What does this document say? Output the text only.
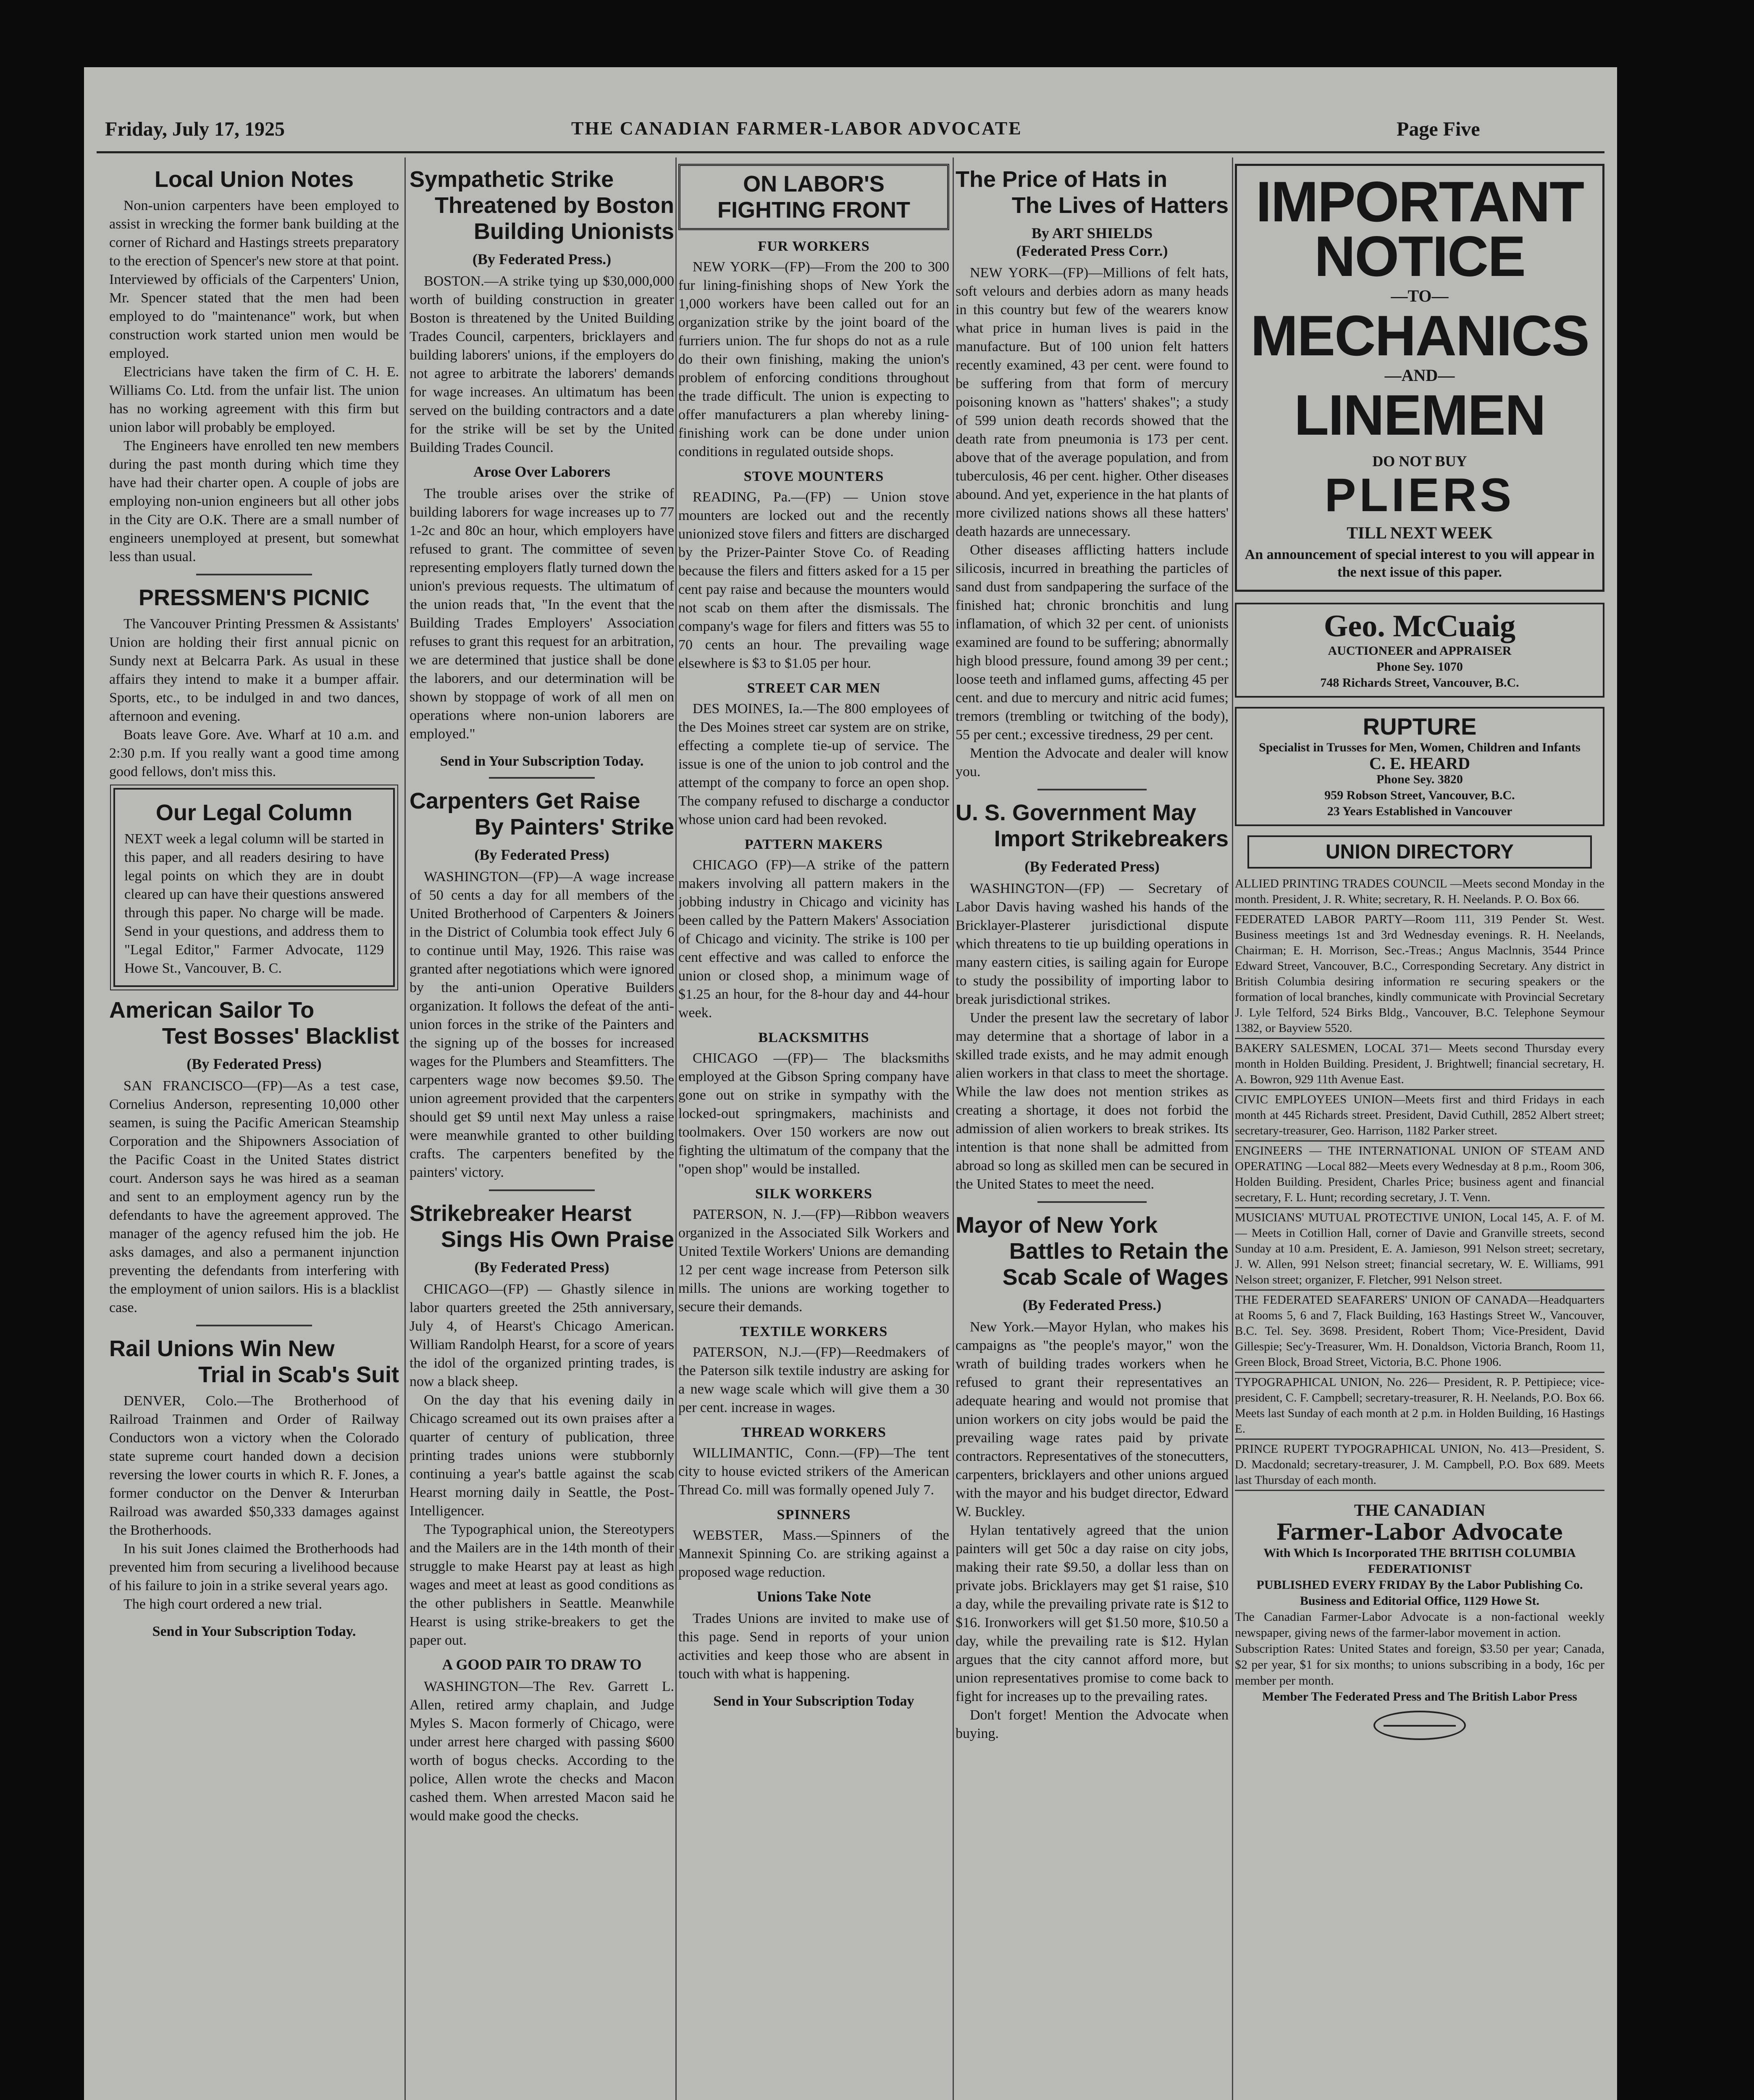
Friday, July 17, 1925	THE CANADIAN FARMER-LABOR ADVOCATE	Page Five
Local Union Notes

Non-union carpenters have been employed to assist in wrecking the former bank building at the corner of Richard and Hastings streets preparatory to the erection of Spencer's new store at that point. Interviewed by officials of the Carpenters' Union, Mr. Spencer stated that the men had been employed to do "maintenance" work, but when construction work started union men would be employed.

Electricians have taken the firm of C. H. E. Williams Co. Ltd. from the unfair list. The union has no working agreement with this firm but union labor will probably be employed.

The Engineers have enrolled ten new members during the past month during which time they have had their charter open. A couple of jobs are employing non-union engineers but all other jobs in the City are O.K. There are a small number of engineers unemployed at present, but somewhat less than usual.

PRESSMEN'S PICNIC

The Vancouver Printing Pressmen & Assistants' Union are holding their first annual picnic on Sundy next at Belcarra Park. As usual in these affairs they intend to make it a bumper affair. Sports, etc., to be indulged in and two dances, afternoon and evening.

Boats leave Gore. Ave. Wharf at 10 a.m. and 2:30 p.m. If you really want a good time among good fellows, don't miss this.

Our Legal Column

NEXT week a legal column will be started in this paper, and all readers desiring to have legal points on which they are in doubt cleared up can have their questions answered through this paper. No charge will be made. Send in your questions, and address them to "Legal Editor," Farmer Advocate, 1129 Howe St., Vancouver, B. C.

American Sailor To
Test Bosses' Blacklist
(By Federated Press)

SAN FRANCISCO—(FP)—As a test case, Cornelius Anderson, representing 10,000 other seamen, is suing the Pacific American Steamship Corporation and the Shipowners Association of the Pacific Coast in the United States district court. Anderson says he was hired as a seaman and sent to an employment agency run by the defendants to have the agreement approved. The manager of the agency refused him the job. He asks damages, and also a permanent injunction preventing the defendants from interfering with the employment of union sailors. His is a blacklist case.

Rail Unions Win New
Trial in Scab's Suit

DENVER, Colo.—The Brotherhood of Railroad Trainmen and Order of Railway Conductors won a victory when the Colorado state supreme court handed down a decision reversing the lower courts in which R. F. Jones, a former conductor on the Denver & Interurban Railroad was awarded $50,333 damages against the Brotherhoods.

In his suit Jones claimed the Brotherhoods had prevented him from securing a livelihood because of his failure to join in a strike several years ago.

The high court ordered a new trial.

Send in Your Subscription Today.
Sympathetic Strike
Threatened by Boston
Building Unionists
(By Federated Press.)

BOSTON.—A strike tying up $30,000,000 worth of building construction in greater Boston is threatened by the United Building Trades Council, carpenters, bricklayers and building laborers' unions, if the employers do not agree to arbitrate the laborers' demands for wage increases. An ultimatum has been served on the building contractors and a date for the strike will be set by the United Building Trades Council.

Arose Over Laborers

The trouble arises over the strike of building laborers for wage increases up to 77 1-2c and 80c an hour, which employers have refused to grant. The committee of seven representing employers flatly turned down the union's previous requests. The ultimatum of the union reads that, "In the event that the Building Trades Employers' Association refuses to grant this request for an arbitration, we are determined that justice shall be done the laborers, and our determination will be shown by stoppage of work of all men on operations where non-union laborers are employed."

Send in Your Subscription Today.
Carpenters Get Raise
By Painters' Strike
(By Federated Press)

WASHINGTON—(FP)—A wage increase of 50 cents a day for all members of the United Brotherhood of Carpenters & Joiners in the District of Columbia took effect July 6 to continue until May, 1926. This raise was granted after negotiations which were ignored by the anti-union Operative Builders organization. It follows the defeat of the anti-union forces in the strike of the Painters and the signing up of the bosses for increased wages for the Plumbers and Steamfitters. The carpenters wage now becomes $9.50. The union agreement provided that the carpenters should get $9 until next May unless a raise were meanwhile granted to other building crafts. The carpenters benefited by the painters' victory.

Strikebreaker Hearst
Sings His Own Praise
(By Federated Press)

CHICAGO—(FP) — Ghastly silence in labor quarters greeted the 25th anniversary, July 4, of Hearst's Chicago American. William Randolph Hearst, for a score of years the idol of the organized printing trades, is now a black sheep.

On the day that his evening daily in Chicago screamed out its own praises after a quarter of century of publication, three printing trades unions were stubbornly continuing a year's battle against the scab Hearst morning daily in Seattle, the Post-Intelligencer.

The Typographical union, the Stereotypers and the Mailers are in the 14th month of their struggle to make Hearst pay at least as high wages and meet at least as good conditions as the other publishers in Seattle. Meanwhile Hearst is using strike-breakers to get the paper out.

A GOOD PAIR TO DRAW TO

WASHINGTON—The Rev. Garrett L. Allen, retired army chaplain, and Judge Myles S. Macon formerly of Chicago, were under arrest here charged with passing $600 worth of bogus checks. According to the police, Allen wrote the checks and Macon cashed them. When arrested Macon said he would make good the checks.

ON LABOR'S
FIGHTING FRONT
FUR WORKERS

NEW YORK—(FP)—From the 200 to 300 fur lining-finishing shops of New York the 1,000 workers have been called out for an organization strike by the joint board of the furriers union. The fur shops do not as a rule do their own finishing, making the union's problem of enforcing conditions throughout the trade difficult. The union is expecting to offer manufacturers a plan whereby lining-finishing work can be done under union conditions in regulated outside shops.

STOVE MOUNTERS

READING, Pa.—(FP) — Union stove mounters are locked out and the recently unionized stove filers and fitters are discharged by the Prizer-Painter Stove Co. of Reading because the filers and fitters asked for a 15 per cent pay raise and because the mounters would not scab on them after the dismissals. The company's wage for filers and fitters was 55 to 70 cents an hour. The prevailing wage elsewhere is $3 to $1.05 per hour.

STREET CAR MEN

DES MOINES, Ia.—The 800 employees of the Des Moines street car system are on strike, effecting a complete tie-up of service. The issue is one of the union to job control and the attempt of the company to force an open shop. The company refused to discharge a conductor whose union card had been revoked.

PATTERN MAKERS

CHICAGO (FP)—A strike of the pattern makers involving all pattern makers in the jobbing industry in Chicago and vicinity has been called by the Pattern Makers' Association of Chicago and vicinity. The strike is 100 per cent effective and was called to enforce the union or closed shop, a minimum wage of $1.25 an hour, for the 8-hour day and 44-hour week.

BLACKSMITHS

CHICAGO —(FP)— The blacksmiths employed at the Gibson Spring company have gone out on strike in sympathy with the locked-out springmakers, machinists and toolmakers. Over 150 workers are now out fighting the ultimatum of the company that the "open shop" would be installed.

SILK WORKERS

PATERSON, N. J.—(FP)—Ribbon weavers organized in the Associated Silk Workers and United Textile Workers' Unions are demanding 12 per cent wage increase from Peterson silk mills. The unions are working together to secure their demands.

TEXTILE WORKERS

PATERSON, N.J.—(FP)—Reedmakers of the Paterson silk textile industry are asking for a new wage scale which will give them a 30 per cent. increase in wages.

THREAD WORKERS

WILLIMANTIC, Conn.—(FP)—The tent city to house evicted strikers of the American Thread Co. mill was formally opened July 7.

SPINNERS

WEBSTER, Mass.—Spinners of the Mannexit Spinning Co. are striking against a proposed wage reduction.

Unions Take Note

Trades Unions are invited to make use of this page. Send in reports of your union activities and keep those who are absent in touch with what is happening.

Send in Your Subscription Today
The Price of Hats in
The Lives of Hatters
By ART SHIELDS
(Federated Press Corr.)

NEW YORK—(FP)—Millions of felt hats, soft velours and derbies adorn as many heads in this country but few of the wearers know what price in human lives is paid in the manufacture. But of 100 union felt hatters recently examined, 43 per cent. were found to be suffering from that form of mercury poisoning known as "hatters' shakes"; a study of 599 union death records showed that the death rate from pneumonia is 173 per cent. above that of the average population, and from tuberculosis, 46 per cent. higher. Other diseases abound. And yet, experience in the hat plants of more civilized nations shows all these hatters' death hazards are unnecessary.

Other diseases afflicting hatters include silicosis, incurred in breathing the particles of sand dust from sandpapering the surface of the finished hat; chronic bronchitis and lung inflamation, of which 32 per cent. of unionists examined are found to be suffering; abnormally high blood pressure, found among 39 per cent.; loose teeth and inflamed gums, affecting 45 per cent. and due to mercury and nitric acid fumes; tremors (trembling or twitching of the body), 55 per cent.; excessive tiredness, 29 per cent.

Mention the Advocate and dealer will know you.

U. S. Government May
Import Strikebreakers
(By Federated Press)

WASHINGTON—(FP) — Secretary of Labor Davis having washed his hands of the Bricklayer-Plasterer jurisdictional dispute which threatens to tie up building operations in many eastern cities, is sailing again for Europe to study the possibility of importing labor to break jurisdictional strikes.

Under the present law the secretary of labor may determine that a shortage of labor in a skilled trade exists, and he may admit enough alien workers in that class to meet the shortage. While the law does not mention strikes as creating a shortage, it does not forbid the admission of alien workers to break strikes. Its intention is that none shall be admitted from abroad so long as skilled men can be secured in the United States to meet the need.

Mayor of New York
Battles to Retain the
Scab Scale of Wages
(By Federated Press.)

New York.—Mayor Hylan, who makes his campaigns as "the people's mayor," won the wrath of building trades workers when he refused to grant their representatives an adequate hearing and would not promise that union workers on city jobs would be paid the prevailing wage rates paid by private contractors. Representatives of the stonecutters, carpenters, bricklayers and other unions argued with the mayor and his budget director, Edward W. Buckley.

Hylan tentatively agreed that the union painters will get 50c a day raise on city jobs, making their rate $9.50, a dollar less than on private jobs. Bricklayers may get $1 raise, $10 a day, while the prevailing private rate is $12 to $16. Ironworkers will get $1.50 more, $10.50 a day, while the prevailing rate is $12. Hylan argues that the city cannot afford more, but union representatives promise to come back to fight for increases up to the prevailing rates.

Don't forget! Mention the Advocate when buying.

IMPORTANT
NOTICE
—TO—
MECHANICS
—AND—
LINEMEN
DO NOT BUY
PLIERS
TILL NEXT WEEK
An announcement of special interest to you will appear in the next issue of this paper.
Geo. McCuaig
AUCTIONEER and APPRAISER
Phone Sey. 1070
748 Richards Street, Vancouver, B.C.
RUPTURE
Specialist in Trusses for Men, Women, Children and Infants
C. E. HEARD
Phone Sey. 3820
959 Robson Street, Vancouver, B.C.
23 Years Established in Vancouver
UNION DIRECTORY
ALLIED PRINTING TRADES COUNCIL —Meets second Monday in the month. President, J. R. White; secretary, R. H. Neelands. P. O. Box 66.
FEDERATED LABOR PARTY—Room 111, 319 Pender St. West. Business meetings 1st and 3rd Wednesday evenings. R. H. Neelands, Chairman; E. H. Morrison, Sec.-Treas.; Angus Maclnnis, 3544 Prince Edward Street, Vancouver, B.C., Corresponding Secretary. Any district in British Columbia desiring information re securing speakers or the formation of local branches, kindly communicate with Provincial Secretary J. Lyle Telford, 524 Birks Bldg., Vancouver, B.C. Telephone Seymour 1382, or Bayview 5520.
BAKERY SALESMEN, LOCAL 371— Meets second Thursday every month in Holden Building. President, J. Brightwell; financial secretary, H. A. Bowron, 929 11th Avenue East.
CIVIC EMPLOYEES UNION—Meets first and third Fridays in each month at 445 Richards street. President, David Cuthill, 2852 Albert street; secretary-treasurer, Geo. Harrison, 1182 Parker street.
ENGINEERS — THE INTERNATIONAL UNION OF STEAM AND OPERATING —Local 882—Meets every Wednesday at 8 p.m., Room 306, Holden Building. President, Charles Price; business agent and financial secretary, F. L. Hunt; recording secretary, J. T. Venn.
MUSICIANS' MUTUAL PROTECTIVE UNION, Local 145, A. F. of M.— Meets in Cotillion Hall, corner of Davie and Granville streets, second Sunday at 10 a.m. President, E. A. Jamieson, 991 Nelson street; secretary, J. W. Allen, 991 Nelson street; financial secretary, W. E. Williams, 991 Nelson street; organizer, F. Fletcher, 991 Nelson street.
THE FEDERATED SEAFARERS' UNION OF CANADA—Headquarters at Rooms 5, 6 and 7, Flack Building, 163 Hastings Street W., Vancouver, B.C. Tel. Sey. 3698. President, Robert Thom; Vice-President, David Gillespie; Sec'y-Treasurer, Wm. H. Donaldson, Victoria Branch, Room 11, Green Block, Broad Street, Victoria, B.C. Phone 1906.
TYPOGRAPHICAL UNION, No. 226— President, R. P. Pettipiece; vice-president, C. F. Campbell; secretary-treasurer, R. H. Neelands, P.O. Box 66. Meets last Sunday of each month at 2 p.m. in Holden Building, 16 Hastings E.
PRINCE RUPERT TYPOGRAPHICAL UNION, No. 413—President, S. D. Macdonald; secretary-treasurer, J. M. Campbell, P.O. Box 689. Meets last Thursday of each month.
THE CANADIAN
Farmer-Labor Advocate
With Which Is Incorporated THE BRITISH COLUMBIA FEDERATIONIST
PUBLISHED EVERY FRIDAY By the Labor Publishing Co.
Business and Editorial Office, 1129 Howe St.
The Canadian Farmer-Labor Advocate is a non-factional weekly newspaper, giving news of the farmer-labor movement in action.
Subscription Rates: United States and foreign, $3.50 per year; Canada, $2 per year, $1 for six months; to unions subscribing in a body, 16c per member per month.
Member The Federated Press and The British Labor Press
